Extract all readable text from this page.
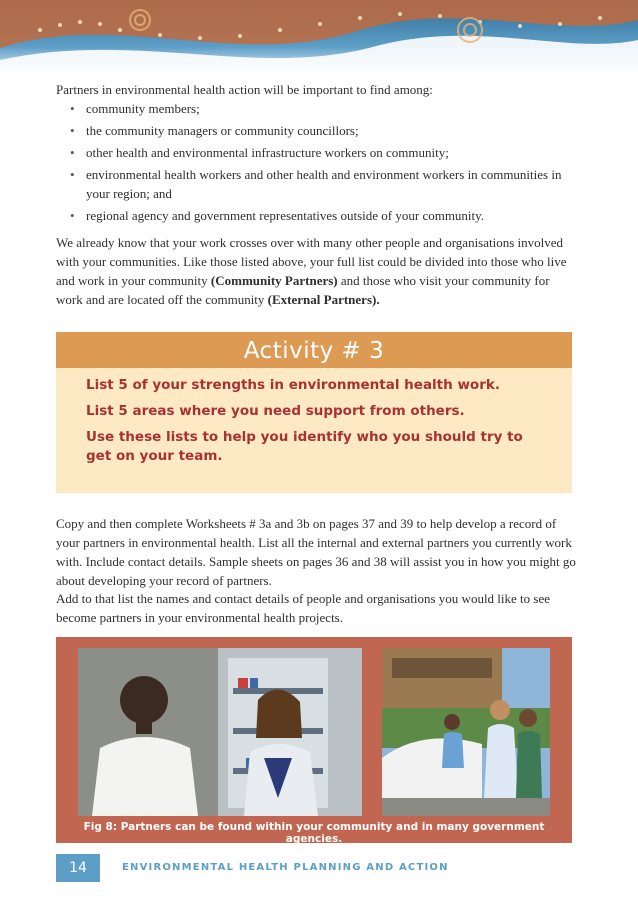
Partners in environmental health action will be important to find among:

• community members;
• the community managers or community councillors;
• other health and environmental infrastructure workers on community;
• environmental health workers and other health and environment workers in communities in your region; and
• regional agency and government representatives outside of your community.

We already know that your work crosses over with many other people and organisations involved with your communities. Like those listed above, your full list could be divided into those who live and work in your community (Community Partners) and those who visit your community for work and are located off the community (External Partners).

Activity # 3

List 5 of your strengths in environmental health work.

List 5 areas where you need support from others.

Use these lists to help you identify who you should try to get on your team.

Copy and then complete Worksheets # 3a and 3b on pages 37 and 39 to help develop a record of your partners in environmental health. List all the internal and external partners you currently work with. Include contact details. Sample sheets on pages 36 and 38 will assist you in how you might go about developing your record of partners.

Add to that list the names and contact details of people and organisations you would like to see become partners in your environmental health projects.

Fig 8: Partners can be found within your community and in many government agencies.
14	ENVIRONMENTAL HEALTH PLANNING AND ACTION
